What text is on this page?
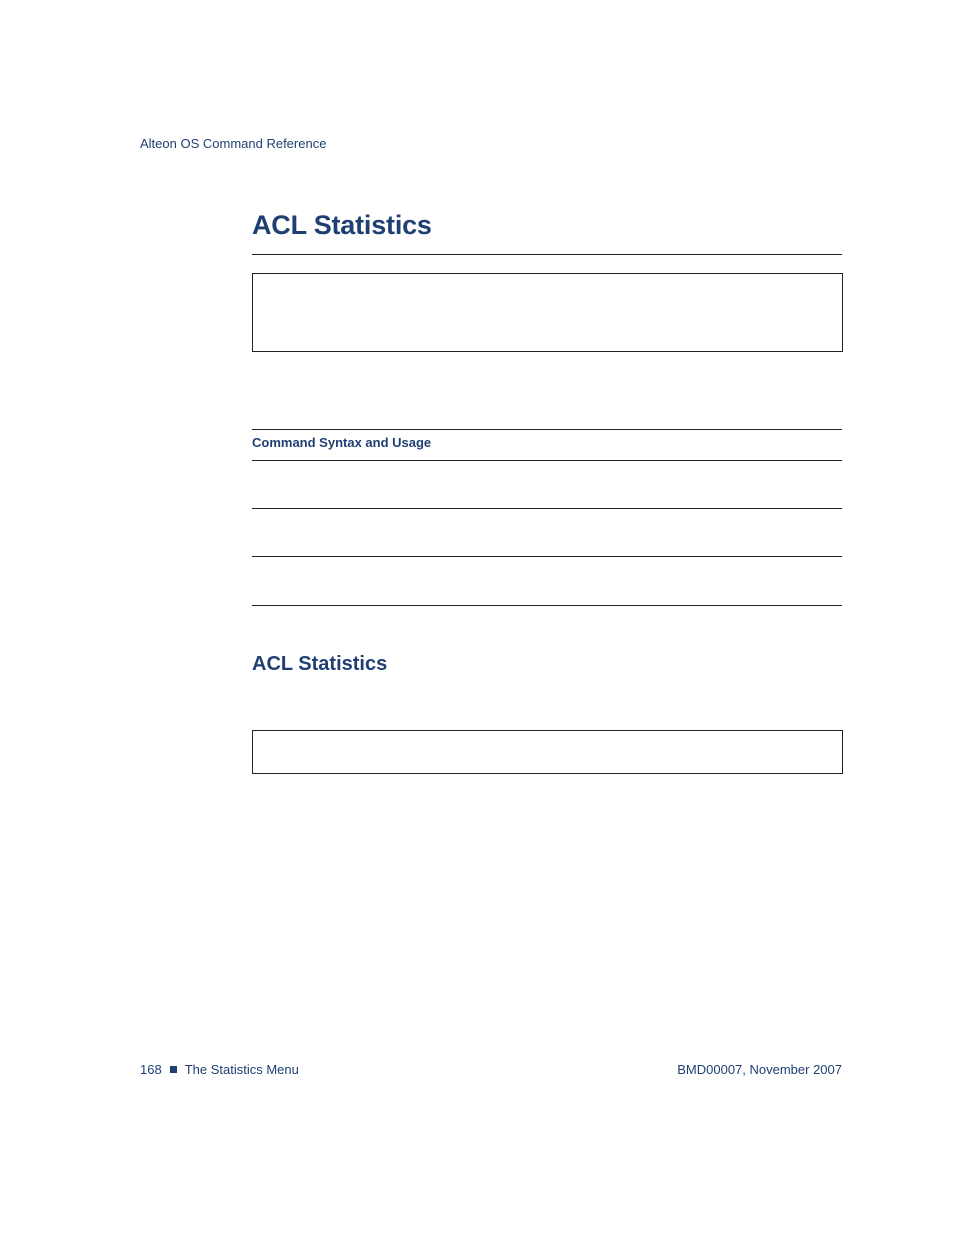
Alteon OS Command Reference
ACL Statistics
Command Syntax and Usage
ACL Statistics
168 The Statistics Menu	BMD00007, November 2007
